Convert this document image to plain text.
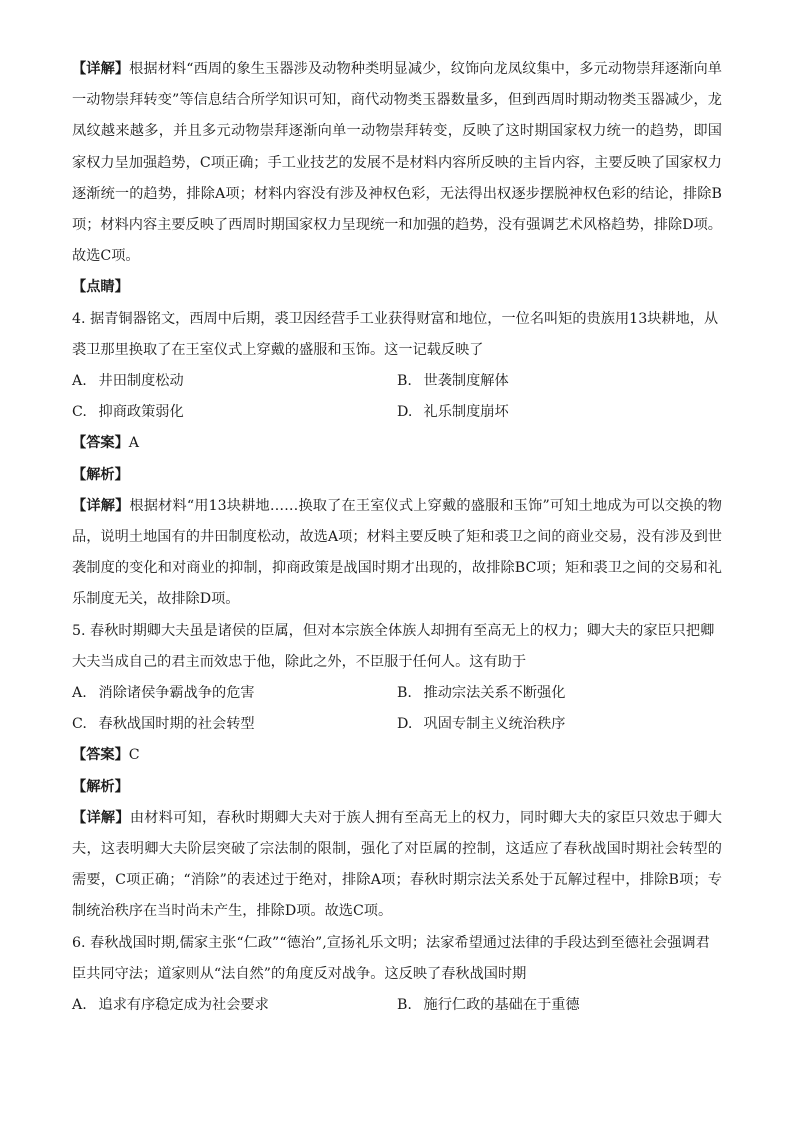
【详解】根据材料“西周的象生玉器涉及动物种类明显减少，纹饰向龙凤纹集中，多元动物崇拜逐渐向单一动物崇拜转变”等信息结合所学知识可知，商代动物类玉器数量多，但到西周时期动物类玉器减少，龙凤纹越来越多，并且多元动物崇拜逐渐向单一动物崇拜转变，反映了这时期国家权力统一的趋势，即国家权力呈加强趋势，C项正确；手工业技艺的发展不是材料内容所反映的主旨内容，主要反映了国家权力逐渐统一的趋势，排除A项；材料内容没有涉及神权色彩，无法得出权逐步摆脱神权色彩的结论，排除B项；材料内容主要反映了西周时期国家权力呈现统一和加强的趋势，没有强调艺术风格趋势，排除D项。故选C项。

【点睛】

4. 据青铜器铭文，西周中后期，裘卫因经营手工业获得财富和地位，一位名叫矩的贵族用13块耕地，从裘卫那里换取了在王室仪式上穿戴的盛服和玉饰。这一记载反映了

A. 井田制度松动	B. 世袭制度解体
C. 抑商政策弱化	D. 礼乐制度崩坏

【答案】A

【解析】

【详解】根据材料“用13块耕地……换取了在王室仪式上穿戴的盛服和玉饰”可知土地成为可以交换的物品，说明土地国有的井田制度松动，故选A项；材料主要反映了矩和裘卫之间的商业交易，没有涉及到世袭制度的变化和对商业的抑制，抑商政策是战国时期才出现的，故排除BC项；矩和裘卫之间的交易和礼乐制度无关，故排除D项。

5. 春秋时期卿大夫虽是诸侯的臣属，但对本宗族全体族人却拥有至高无上的权力；卿大夫的家臣只把卿大夫当成自己的君主而效忠于他，除此之外，不臣服于任何人。这有助于

A. 消除诸侯争霸战争的危害	B. 推动宗法关系不断强化
C. 春秋战国时期的社会转型	D. 巩固专制主义统治秩序

【答案】C

【解析】

【详解】由材料可知，春秋时期卿大夫对于族人拥有至高无上的权力，同时卿大夫的家臣只效忠于卿大夫，这表明卿大夫阶层突破了宗法制的限制，强化了对臣属的控制，这适应了春秋战国时期社会转型的需要，C项正确；“消除”的表述过于绝对，排除A项；春秋时期宗法关系处于瓦解过程中，排除B项；专制统治秩序在当时尚未产生，排除D项。故选C项。

6. 春秋战国时期,儒家主张“仁政”“德治”,宣扬礼乐文明；法家希望通过法律的手段达到至德社会强调君臣共同守法；道家则从“法自然”的角度反对战争。这反映了春秋战国时期

A. 追求有序稳定成为社会要求	B. 施行仁政的基础在于重德
